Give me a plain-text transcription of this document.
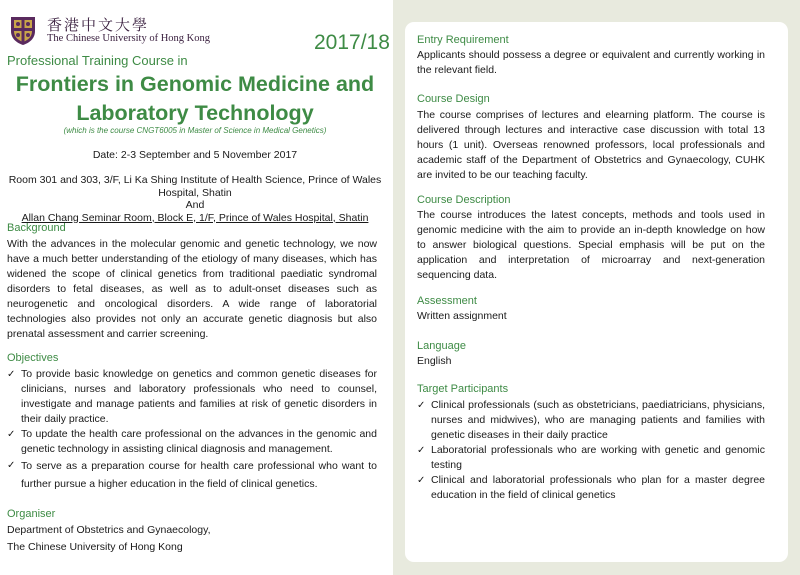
香港中文大學
The Chinese University of Hong Kong	2017/18
Professional Training Course in
Frontiers in Genomic Medicine and
Laboratory Technology
(which is the course CNGT6005 in Master of Science in Medical Genetics)
Date: 2-3 September and 5 November 2017
Room 301 and 303, 3/F, Li Ka Shing Institute of Health Science, Prince of Wales
Hospital, Shatin
And
Allan Chang Seminar Room, Block E, 1/F, Prince of Wales Hospital, Shatin
Background
With the advances in the molecular genomic and genetic technology, we now have a much better understanding of the etiology of many diseases, which has widened the scope of clinical genetics from traditional paediatic syndromal disorders to fetal diseases, as well as to adult-onset diseases such as neurogenetic and oncological disorders. A wide range of laboratorial technologies also provides not only an accurate genetic diagnosis but also prenatal assessment and carrier screening.
Objectives
✓ To provide basic knowledge on genetics and common genetic diseases for clinicians, nurses and laboratory professionals who need to counsel, investigate and manage patients and families at risk of genetic disorders in their daily practice.
✓ To update the health care professional on the advances in the genomic and genetic technology in assisting clinical diagnosis and management.
✓ To serve as a preparation course for health care professional who want to further pursue a higher education in the field of clinical genetics.
Organiser
Department of Obstetrics and Gynaecology,
The Chinese University of Hong Kong
Entry Requirement
Applicants should possess a degree or equivalent and currently working in the relevant field.
Course Design
The course comprises of lectures and elearning platform. The course is delivered through lectures and interactive case discussion with total 13 hours (1 unit). Overseas renowned professors, local professionals and academic staff of the Department of Obstetrics and Gynaecology, CUHK are invited to be our teaching faculty.
Course Description
The course introduces the latest concepts, methods and tools used in genomic medicine with the aim to provide an in-depth knowledge on how to answer biological questions. Special emphasis will be put on the application and interpretation of microarray and next-generation sequencing data.
Assessment
Written assignment
Language
English
Target Participants
✓ Clinical professionals (such as obstetricians, paediatricians, physicians, nurses and midwives), who are managing patients and families with genetic diseases in their daily practice
✓ Laboratorial professionals who are working with genetic and genomic testing
✓ Clinical and laboratorial professionals who plan for a master degree education in the field of clinical genetics
